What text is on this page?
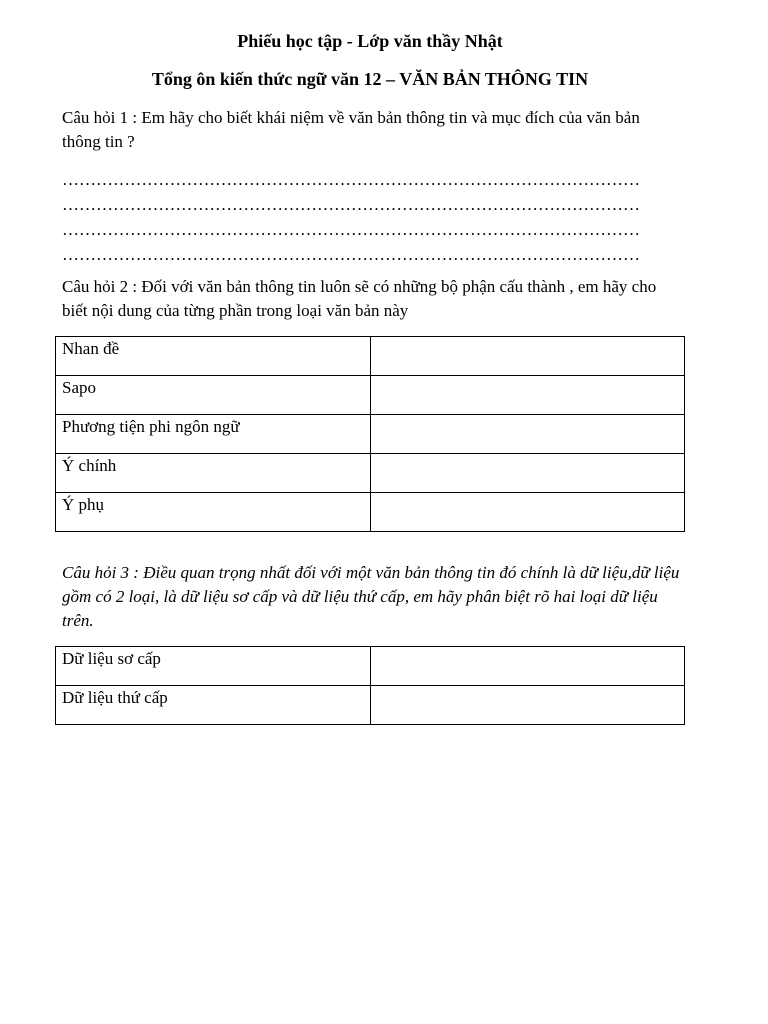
Phiếu học tập - Lớp văn thầy Nhật
Tổng ôn kiến thức ngữ văn 12 – VĂN BẢN THÔNG TIN
Câu hỏi 1 : Em hãy cho biết khái niệm về văn bản thông tin và mục đích của văn bản thông tin ?
…………………………………………………………………………………………
…………………………………………………………………………………………
…………………………………………………………………………………………
…………………………………………………………………………………………
Câu hỏi 2 : Đối với văn bản thông tin luôn sẽ có những bộ phận cấu thành , em hãy cho biết nội dung của từng phần trong loại văn bản này
Nhan đề	
Sapo	
Phương tiện phi ngôn ngữ	
Ý chính	
Ý phụ	
Câu hỏi 3 : Điều quan trọng nhất đối với một văn bản thông tin đó chính là dữ liệu,dữ liệu gồm có 2 loại, là dữ liệu sơ cấp và dữ liệu thứ cấp, em hãy phân biệt rõ hai loại dữ liệu trên.
Dữ liệu sơ cấp	
Dữ liệu thứ cấp	
